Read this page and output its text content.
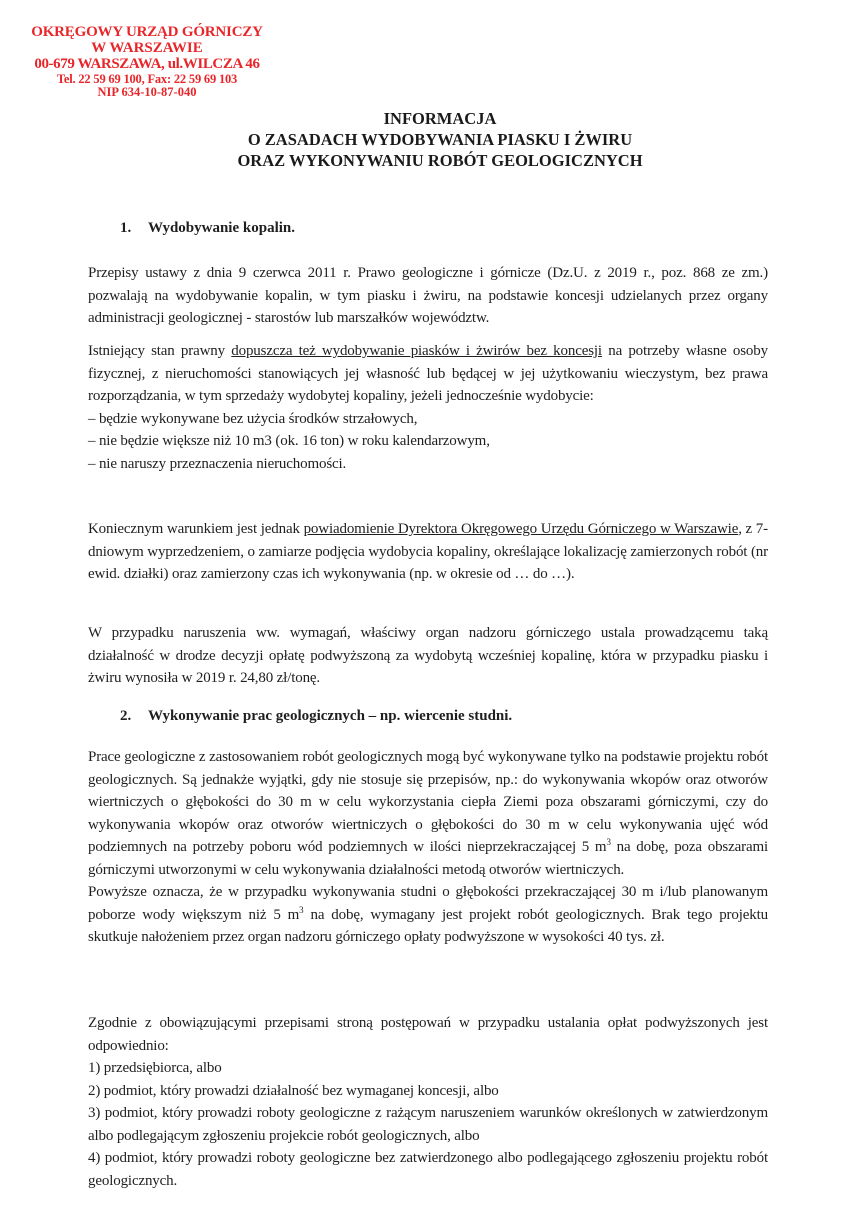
OKRĘGOWY URZĄD GÓRNICZY
W WARSZAWIE
00-679 WARSZAWA, ul.WILCZA 46
Tel. 22 59 69 100, Fax: 22 59 69 103
NIP 634-10-87-040
INFORMACJA
O ZASADACH WYDOBYWANIA PIASKU I ŻWIRU
ORAZ WYKONYWANIU ROBÓT GEOLOGICZNYCH
1. Wydobywanie kopalin.

Przepisy ustawy z dnia 9 czerwca 2011 r. Prawo geologiczne i górnicze (Dz.U. z 2019 r., poz. 868 ze zm.) pozwalają na wydobywanie kopalin, w tym piasku i żwiru, na podstawie koncesji udzielanych przez organy administracji geologicznej - starostów lub marszałków województw.

Istniejący stan prawny dopuszcza też wydobywanie piasków i żwirów bez koncesji na potrzeby własne osoby fizycznej, z nieruchomości stanowiących jej własność lub będącej w jej użytkowaniu wieczystym, bez prawa rozporządzania, w tym sprzedaży wydobytej kopaliny, jeżeli jednocześnie wydobycie:

– będzie wykonywane bez użycia środków strzałowych,
– nie będzie większe niż 10 m3 (ok. 16 ton) w roku kalendarzowym,
– nie naruszy przeznaczenia nieruchomości.

Koniecznym warunkiem jest jednak powiadomienie Dyrektora Okręgowego Urzędu Górniczego w Warszawie, z 7-dniowym wyprzedzeniem, o zamiarze podjęcia wydobycia kopaliny, określające lokalizację zamierzonych robót (nr ewid. działki) oraz zamierzony czas ich wykonywania (np. w okresie od … do …).

W przypadku naruszenia ww. wymagań, właściwy organ nadzoru górniczego ustala prowadzącemu taką działalność w drodze decyzji opłatę podwyższoną za wydobytą wcześniej kopalinę, która w przypadku piasku i żwiru wynosiła w 2019 r. 24,80 zł/tonę.

2. Wykonywanie prac geologicznych – np. wiercenie studni.

Prace geologiczne z zastosowaniem robót geologicznych mogą być wykonywane tylko na podstawie projektu robót geologicznych. Są jednakże wyjątki, gdy nie stosuje się przepisów, np.: do wykonywania wkopów oraz otworów wiertniczych o głębokości do 30 m w celu wykorzystania ciepła Ziemi poza obszarami górniczymi, czy do wykonywania wkopów oraz otworów wiertniczych o głębokości do 30 m w celu wykonywania ujęć wód podziemnych na potrzeby poboru wód podziemnych w ilości nieprzekraczającej 5 $m^3$ na dobę, poza obszarami górniczymi utworzonymi w celu wykonywania działalności metodą otworów wiertniczych.

Powyższe oznacza, że w przypadku wykonywania studni o głębokości przekraczającej 30 m i/lub planowanym poborze wody większym niż 5 $m^3$ na dobę, wymagany jest projekt robót geologicznych. Brak tego projektu skutkuje nałożeniem przez organ nadzoru górniczego opłaty podwyższone w wysokości 40 tys. zł.

Zgodnie z obowiązującymi przepisami stroną postępowań w przypadku ustalania opłat podwyższonych jest odpowiednio:

1) przedsiębiorca, albo
2) podmiot, który prowadzi działalność bez wymaganej koncesji, albo
3) podmiot, który prowadzi roboty geologiczne z rażącym naruszeniem warunków określonych w zatwierdzonym albo podlegającym zgłoszeniu projekcie robót geologicznych, albo
4) podmiot, który prowadzi roboty geologiczne bez zatwierdzonego albo podlegającego zgłoszeniu projektu robót geologicznych.
